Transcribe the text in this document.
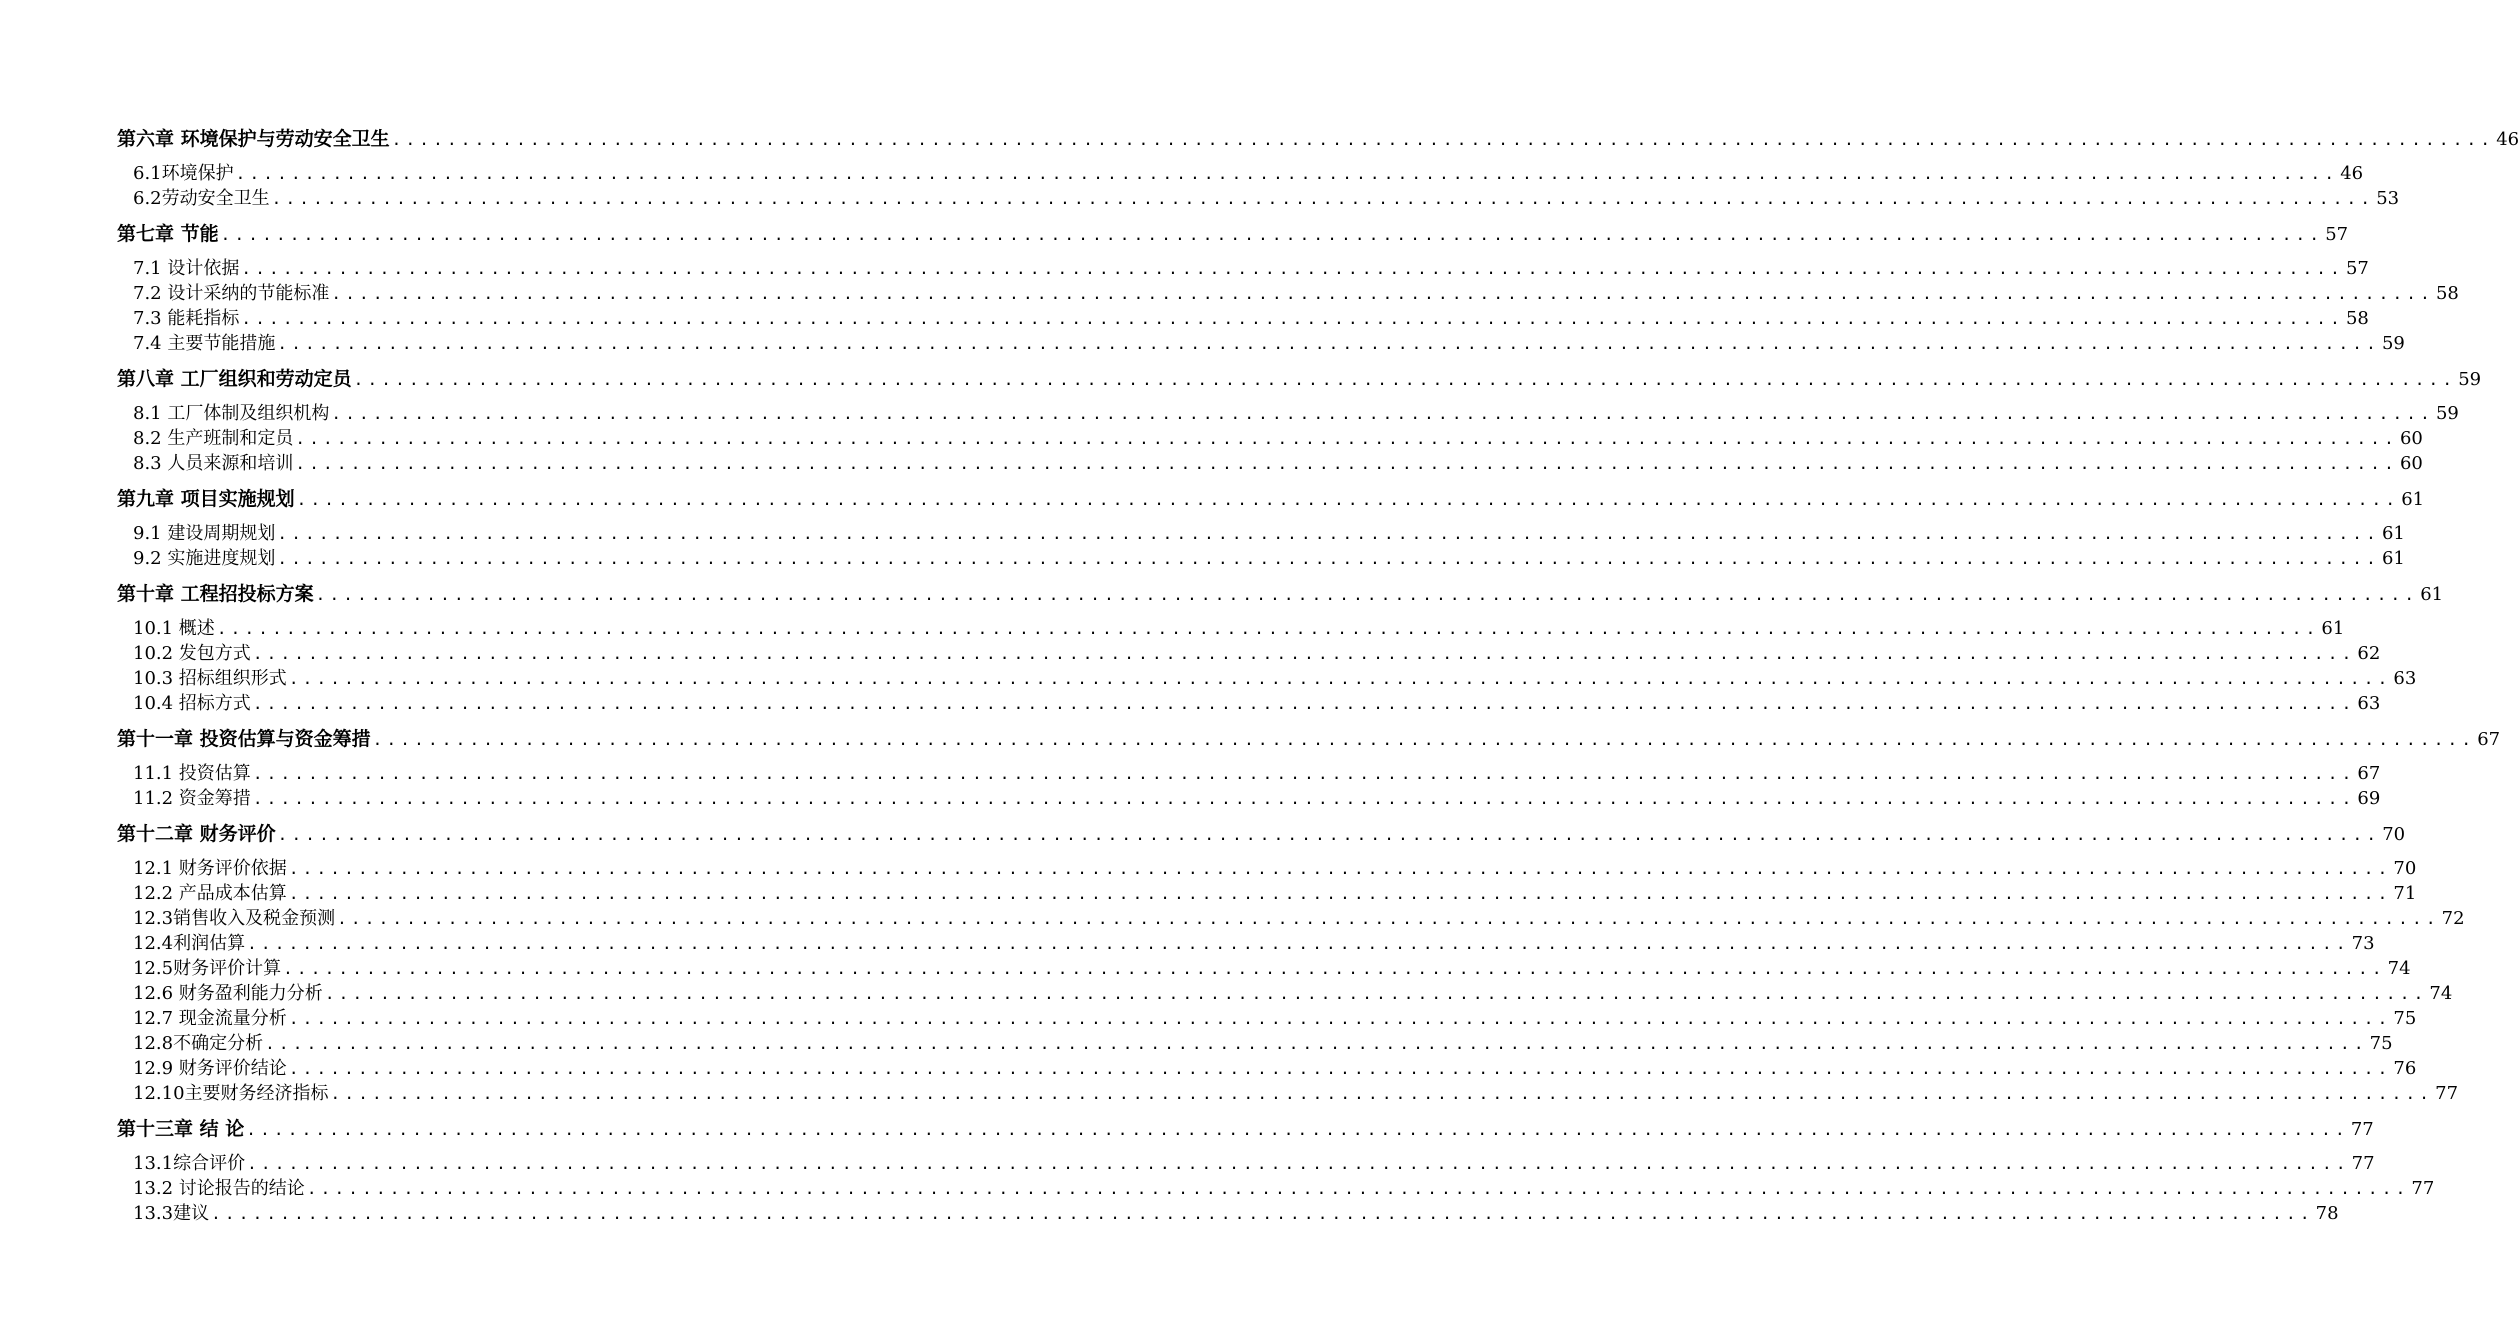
第六章 环境保护与劳动安全卫生 ........................................................................................................................................................ 46
6.1环境保护 ........................................................................................................................................................ 46
6.2劳动安全卫生 ........................................................................................................................................................ 53
第七章 节能 ........................................................................................................................................................ 57
7.1 设计依据 ........................................................................................................................................................ 57
7.2 设计采纳的节能标准 ........................................................................................................................................................ 58
7.3 能耗指标 ........................................................................................................................................................ 58
7.4 主要节能措施 ........................................................................................................................................................ 59
第八章 工厂组织和劳动定员 ........................................................................................................................................................ 59
8.1 工厂体制及组织机构 ........................................................................................................................................................ 59
8.2 生产班制和定员 ........................................................................................................................................................ 60
8.3 人员来源和培训 ........................................................................................................................................................ 60
第九章 项目实施规划 ........................................................................................................................................................ 61
9.1 建设周期规划 ........................................................................................................................................................ 61
9.2 实施进度规划 ........................................................................................................................................................ 61
第十章 工程招投标方案 ........................................................................................................................................................ 61
10.1 概述 ........................................................................................................................................................ 61
10.2 发包方式 ........................................................................................................................................................ 62
10.3 招标组织形式 ........................................................................................................................................................ 63
10.4 招标方式 ........................................................................................................................................................ 63
第十一章 投资估算与资金筹措 ........................................................................................................................................................ 67
11.1 投资估算 ........................................................................................................................................................ 67
11.2 资金筹措 ........................................................................................................................................................ 69
第十二章 财务评价 ........................................................................................................................................................ 70
12.1 财务评价依据 ........................................................................................................................................................ 70
12.2 产品成本估算 ........................................................................................................................................................ 71
12.3销售收入及税金预测 ........................................................................................................................................................ 72
12.4利润估算 ........................................................................................................................................................ 73
12.5财务评价计算 ........................................................................................................................................................ 74
12.6 财务盈利能力分析 ........................................................................................................................................................ 74
12.7 现金流量分析 ........................................................................................................................................................ 75
12.8不确定分析 ........................................................................................................................................................ 75
12.9 财务评价结论 ........................................................................................................................................................ 76
12.10主要财务经济指标 ........................................................................................................................................................ 77
第十三章 结 论 ........................................................................................................................................................ 77
13.1综合评价 ........................................................................................................................................................ 77
13.2 讨论报告的结论 ........................................................................................................................................................ 77
13.3建议 ........................................................................................................................................................ 78
